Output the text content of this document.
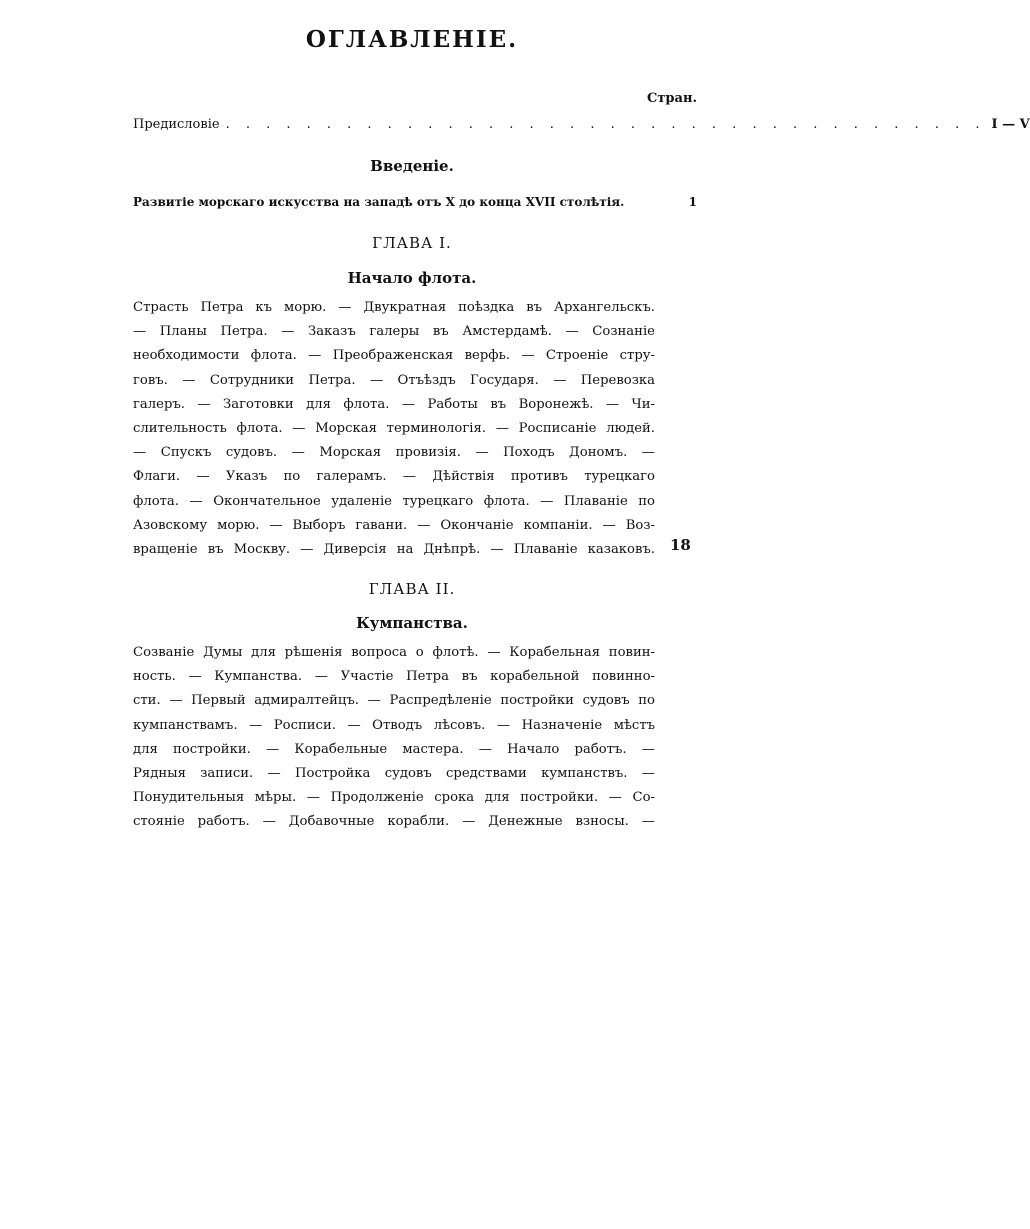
ОГЛАВЛЕНІЕ.
Стран.
Предисловіе . . . . . . . . . . . . . . . . . . . . . . . . . . . . . . . . . . . . . . I — V
Введеніе.
Развитіе морскаго искусства на западѣ отъ X до конца XVII столѣтія.	1
ГЛАВА I.
Начало флота.
Страсть Петра къ морю. — Двукратная поѣздка въ Архангельскъ.
— Планы Петра. — Заказъ галеры въ Амстердамѣ. — Сознаніе
необходимости флота. — Преображенская верфь. — Строеніе стру-
говъ. — Сотрудники Петра. — Отъѣздъ Государя. — Перевозка
галеръ. — Заготовки для флота. — Работы въ Воронежѣ. — Чи-
слительность флота. — Морская терминологія. — Росписаніе людей.
— Спускъ судовъ. — Морская провизія. — Походъ Дономъ. —
Флаги. — Указъ по галерамъ. — Дѣйствія противъ турецкаго
флота. — Окончательное удаленіе турецкаго флота. — Плаваніе по
Азовскому морю. — Выборъ гавани. — Окончаніе компаніи. — Воз-
вращеніе въ Москву. — Диверсія на Днѣпрѣ. — Плаваніе казаковъ. 18
ГЛАВА II.
Кумпанства.
Созваніе Думы для рѣшенія вопроса о флотѣ. — Корабельная повин-
ность. — Кумпанства. — Участіе Петра въ корабельной повинно-
сти. — Первый адмиралтейцъ. — Распредѣленіе постройки судовъ по
кумпанствамъ. — Росписи. — Отводъ лѣсовъ. — Назначеніе мѣстъ
для постройки. — Корабельные мастера. — Начало работъ. —
Рядныя записи. — Постройка судовъ средствами кумпанствъ. —
Понудительныя мѣры. — Продолженіе срока для постройки. — Со-
стояніе работъ. — Добавочные корабли. — Денежные взносы. —
